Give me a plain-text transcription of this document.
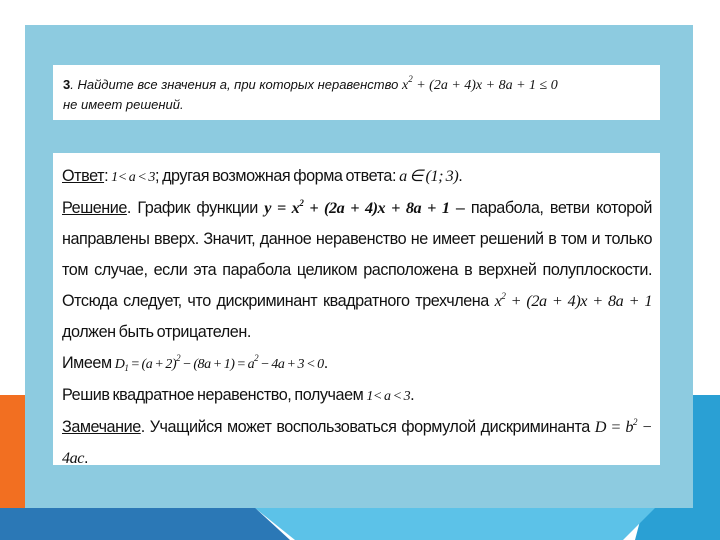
3. Найдите все значения а, при которых неравенство $x^2 + (2a + 4)x + 8a + 1 \le 0$
не имеет решений.

Ответ: 1< a < 3; другая возможная форма ответа: a ∈ (1; 3).

Решение. График функции $y = x^2 + (2a + 4)x + 8a + 1$ – парабола, ветви которой направлены вверх. Значит, данное неравенство не имеет решений в том и только том случае, если эта парабола целиком расположена в верхней полуплоскости. Отсюда следует, что дискриминант квадратного трехчлена $x^2 + (2a + 4)x + 8a + 1$ должен быть отрицателен.

Имеем $D_1 = (a + 2)^2 - (8a + 1) = a^2 - 4a + 3 < 0$.

Решив квадратное неравенство, получаем 1< a < 3.

Замечание. Учащийся может воспользоваться формулой дискриминанта $D = b^2 - 4ac$.
